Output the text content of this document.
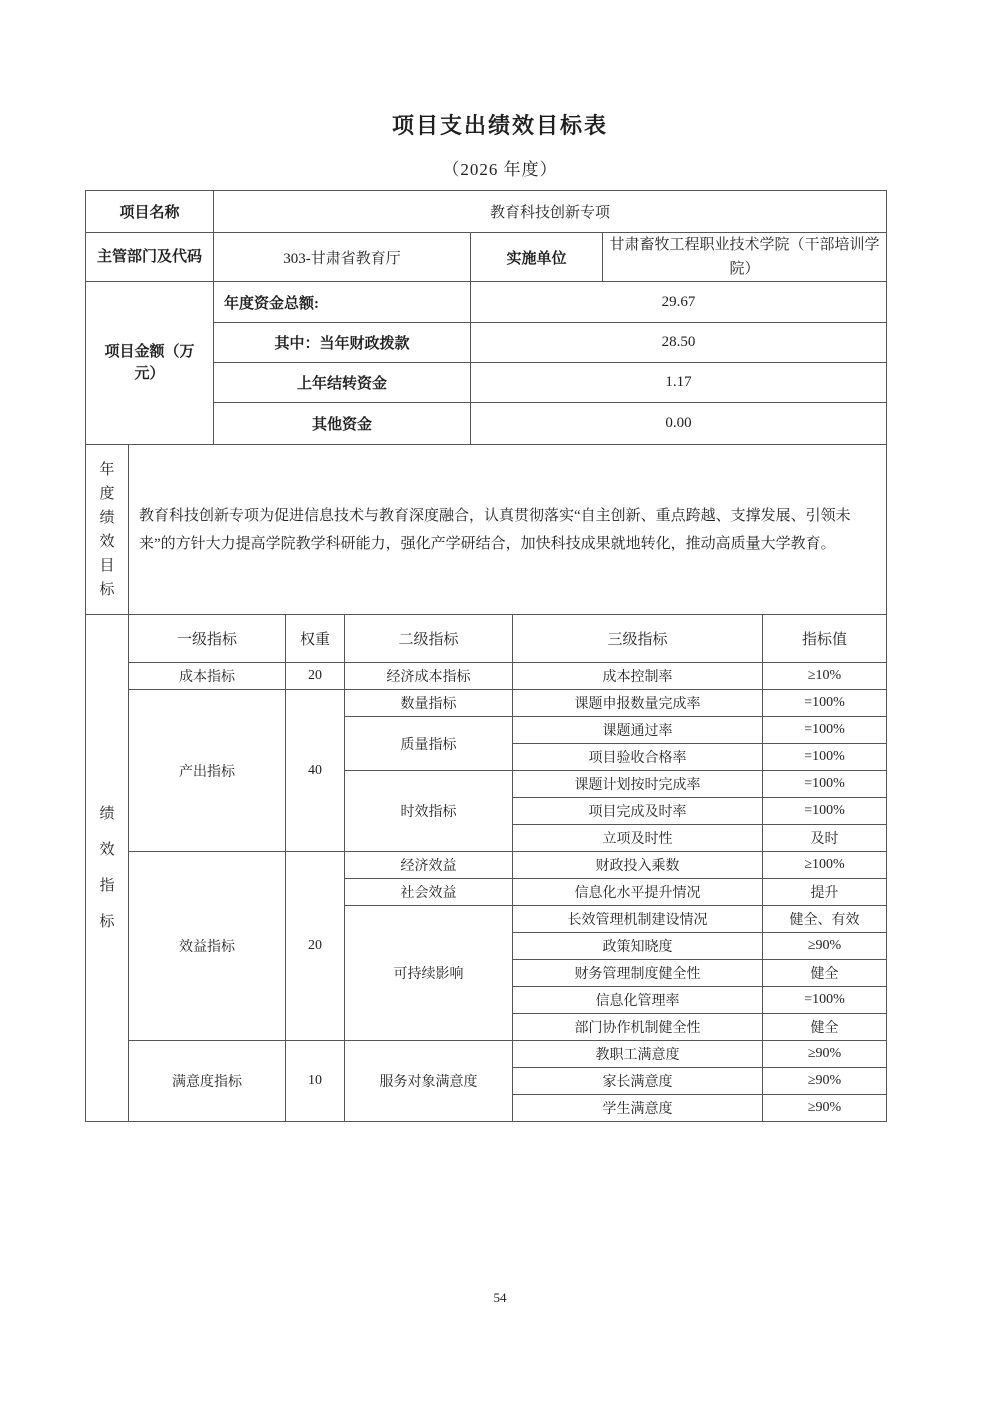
项目支出绩效目标表
（2026 年度）
项目名称	教育科技创新专项		
主管部门及代码	303-甘肃省教育厅	实施单位	甘肃畜牧工程职业技术学院（干部培训学院）
项目金额（万元）	年度资金总额:	29.67	
	其中：当年财政拨款	28.50	
	上年结转资金	1.17	
	其他资金	0.00	
年度绩效目标
	教育科技创新专项为促进信息技术与教育深度融合，认真贯彻落实“自主创新、重点跨越、支撑发展、引领未来”的方针大力提高学院教学科研能力，强化产学研结合，加快科技成果就地转化，推动高质量大学教育。
绩效指标	一级指标	权重	二级指标	三级指标	指标值
	成本指标	20	经济成本指标	成本控制率	≥10%
	产出指标	40	数量指标	课题申报数量完成率	=100%
			质量指标	课题通过率	=100%
				项目验收合格率	=100%
			时效指标	课题计划按时完成率	=100%
				项目完成及时率	=100%
				立项及时性	及时
	效益指标	20	经济效益	财政投入乘数	≥100%
			社会效益	信息化水平提升情况	提升
			可持续影响	长效管理机制建设情况	健全、有效
				政策知晓度	≥90%
				财务管理制度健全性	健全
				信息化管理率	=100%
				部门协作机制健全性	健全
	满意度指标	10	服务对象满意度	教职工满意度	≥90%
				家长满意度	≥90%
				学生满意度	≥90%
54
